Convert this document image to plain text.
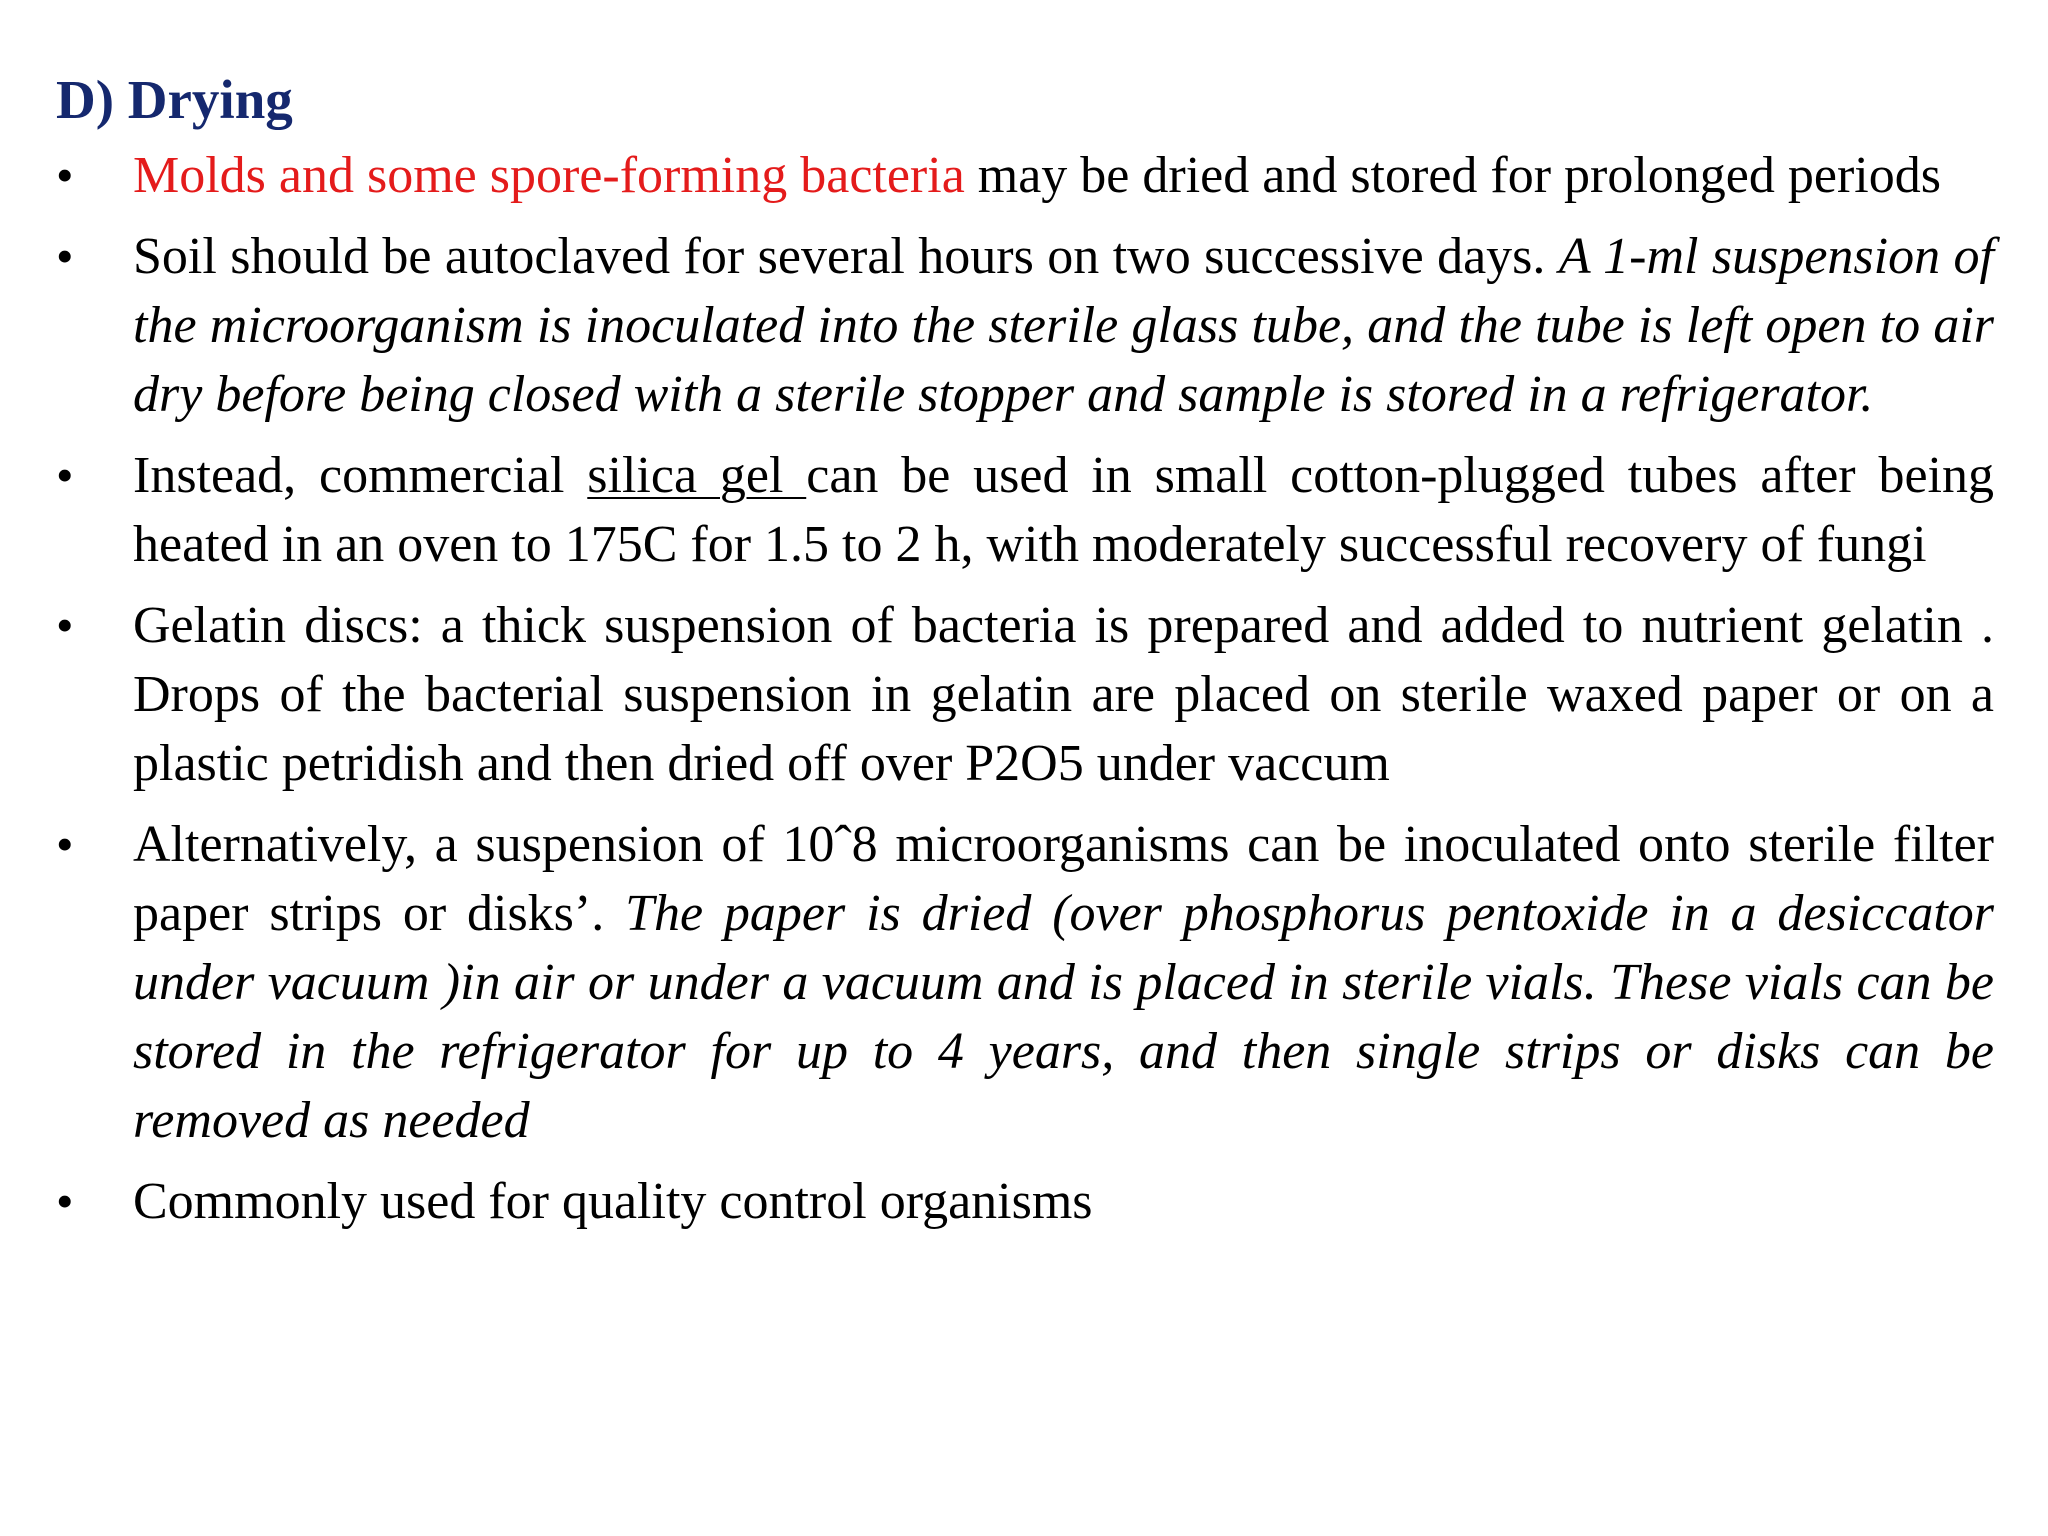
D) Drying
•	Molds and some spore-forming bacteria may be dried and stored for prolonged periods
•	Soil should be autoclaved for several hours on two successive days. A 1-ml suspension of the microorganism is inoculated into the sterile glass tube, and the tube is left open to air dry before being closed with a sterile stopper and sample is stored in a refrigerator.
•	Instead, commercial silica gel can be used in small cotton-plugged tubes after being heated in an oven to 175C for 1.5 to 2 h, with moderately successful recovery of fungi
•	Gelatin discs: a thick suspension of bacteria is prepared and added to nutrient gelatin . Drops of the bacterial suspension in gelatin are placed on sterile waxed paper or on a plastic petridish and then dried off over P2O5 under vaccum
•	Alternatively, a suspension of 10ˆ8 microorganisms can be inoculated onto sterile filter paper strips or disks’. The paper is dried (over phosphorus pentoxide in a desiccator under vacuum )in air or under a vacuum and is placed in sterile vials. These vials can be stored in the refrigerator for up to 4 years, and then single strips or disks can be removed as needed
•	Commonly used for quality control organisms
